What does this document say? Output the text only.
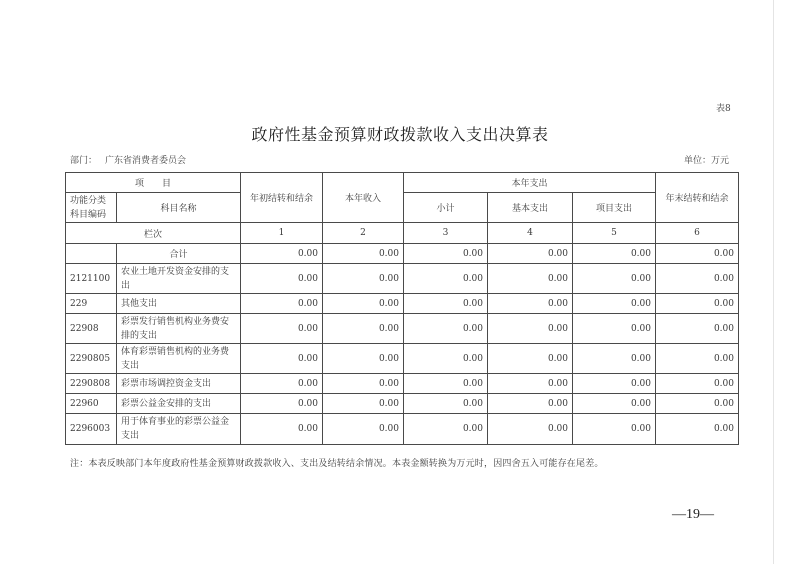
表8
政府性基金预算财政拨款收入支出决算表
部门： 广东省消费者委员会	单位：万元
项　　目		年初结转和结余	本年收入	本年支出			年末结转和结余
功能分类科目编码	科目名称			小计	基本支出	项目支出	
栏次		1	2	3	4	5	6
	合计	0.00	0.00	0.00	0.00	0.00	0.00
2121100	农业土地开发资金安排的支出	0.00	0.00	0.00	0.00	0.00	0.00
229	其他支出	0.00	0.00	0.00	0.00	0.00	0.00
22908	彩票发行销售机构业务费安排的支出	0.00	0.00	0.00	0.00	0.00	0.00
2290805	体育彩票销售机构的业务费支出	0.00	0.00	0.00	0.00	0.00	0.00
2290808	彩票市场调控资金支出	0.00	0.00	0.00	0.00	0.00	0.00
22960	彩票公益金安排的支出	0.00	0.00	0.00	0.00	0.00	0.00
2296003	用于体育事业的彩票公益金支出	0.00	0.00	0.00	0.00	0.00	0.00
注：本表反映部门本年度政府性基金预算财政拨款收入、支出及结转结余情况。本表金额转换为万元时，因四舍五入可能存在尾差。
—19—
